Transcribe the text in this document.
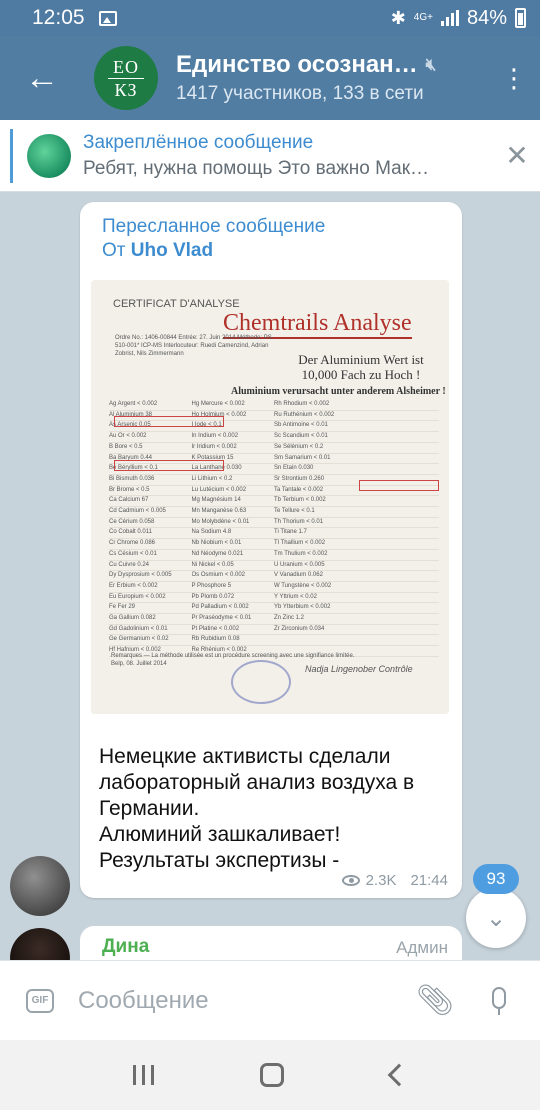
12:05	✱ 4G+ 84%
←	EO
КЗ
Единство осознан… 🔇︎
1417 участников, 133 в сети
⋮
Закреплённое сообщение
Ребят, нужна помощь Это важно Мак…	✕
Пересланное сообщение
От Uho Vlad
CERTIFICAT D'ANALYSE
Chemtrails Analyse
Ordre No.: 1406-00844 Entrée: 27. Juin 2014 Méthode: PS-510-001* ICP-MS Interlocuteur: Ruedi Camenzind, Adrian Zobrist, Nils Zimmermann	Der Aluminium Wert ist 10,000 Fach zu Hoch !
Aluminium verursacht unter anderem Alsheimer !
Ag Argent < 0.002	Hg Mercure < 0.002	Rh Rhodium < 0.002
Al Aluminium 38	Ho Holmium < 0.002	Ru Ruthénium < 0.002
As Arsenic 0.05	I Iode < 0.1	Sb Antimoine < 0.01
Au Or < 0.002	In Indium < 0.002	Sc Scandium < 0.01
B Bore < 0.5	Ir Iridium < 0.002	Se Sélénium < 0.2
Ba Baryum 0.44	K Potassium 15	Sm Samarium < 0.01
Be Béryllium < 0.1	La Lanthane 0.030	Sn Etain 0.030
Bi Bismuth 0.036	Li Lithium < 0.2	Sr Strontium 0.260
Br Brome < 0.5	Lu Lutécium < 0.002	Ta Tantale < 0.002
Ca Calcium 67	Mg Magnésium 14	Tb Terbium < 0.002
Cd Cadmium < 0.005	Mn Manganèse 0.63	Te Tellure < 0.1
Ce Cérium 0.058	Mo Molybdène < 0.01	Th Thorium < 0.01
Co Cobalt 0.011	Na Sodium 4.8	Ti Titane 1.7
Cr Chrome 0.086	Nb Niobium < 0.01	Tl Thallium < 0.002
Cs Césium < 0.01	Nd Néodyme 0.021	Tm Thulium < 0.002
Cu Cuivre 0.24	Ni Nickel < 0.05	U Uranium < 0.005
Dy Dysprosium < 0.005	Os Osmium < 0.002	V Vanadium 0.062
Er Erbium < 0.002	P Phosphore 5	W Tungstène < 0.002
Eu Europium < 0.002	Pb Plomb 0.072	Y Yttrium < 0.02
Fe Fer 29	Pd Palladium < 0.002	Yb Ytterbium < 0.002
Ga Gallium 0.082	Pr Praséodyme < 0.01	Zn Zinc 1.2
Gd Gadolinium < 0.01	Pt Platine < 0.002	Zr Zirconium 0.034
Ge Germanium < 0.02	Rb Rubidium 0.08
Hf Hafnium < 0.002	Re Rhénium < 0.002
Remarques — La méthode utilisée est un procédure screening avec une signifiance limitée.
Belp, 08. Juillet 2014	Nadja Lingenober Contrôle
Немецкие активисты сделали лабораторный анализ воздуха в Германии.
Алюминий зашкаливает!
Результаты экспертизы -
2.3K 21:44
Дина	Админ
⌄
93
GIF
Сообщение	📎︎
